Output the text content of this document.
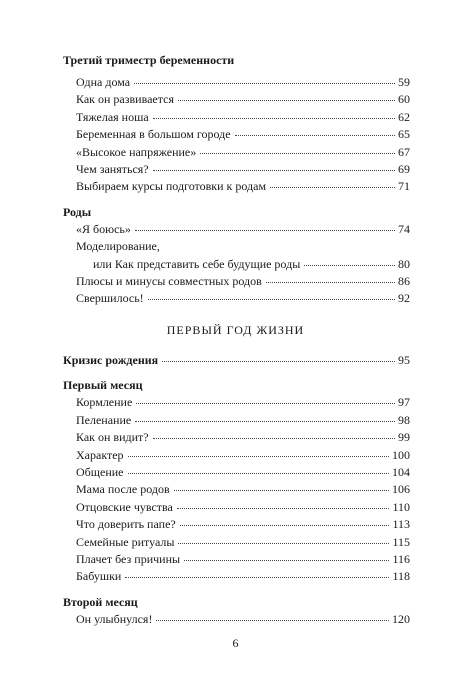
Третий триместр беременности
Одна дома	59
Как он развивается	60
Тяжелая ноша	62
Беременная в большом городе	65
«Высокое напряжение»	67
Чем заняться?	69
Выбираем курсы подготовки к родам	71
Роды
«Я боюсь»	74
Моделирование,
или Как представить себе будущие роды	80
Плюсы и минусы совместных родов	86
Свершилось!	92
ПЕРВЫЙ ГОД ЖИЗНИ
Кризис рождения	95
Первый месяц
Кормление	97
Пеленание	98
Как он видит?	99
Характер	100
Общение	104
Мама после родов	106
Отцовские чувства	110
Что доверить папе?	113
Семейные ритуалы	115
Плачет без причины	116
Бабушки	118
Второй месяц
Он улыбнулся!	120
6
